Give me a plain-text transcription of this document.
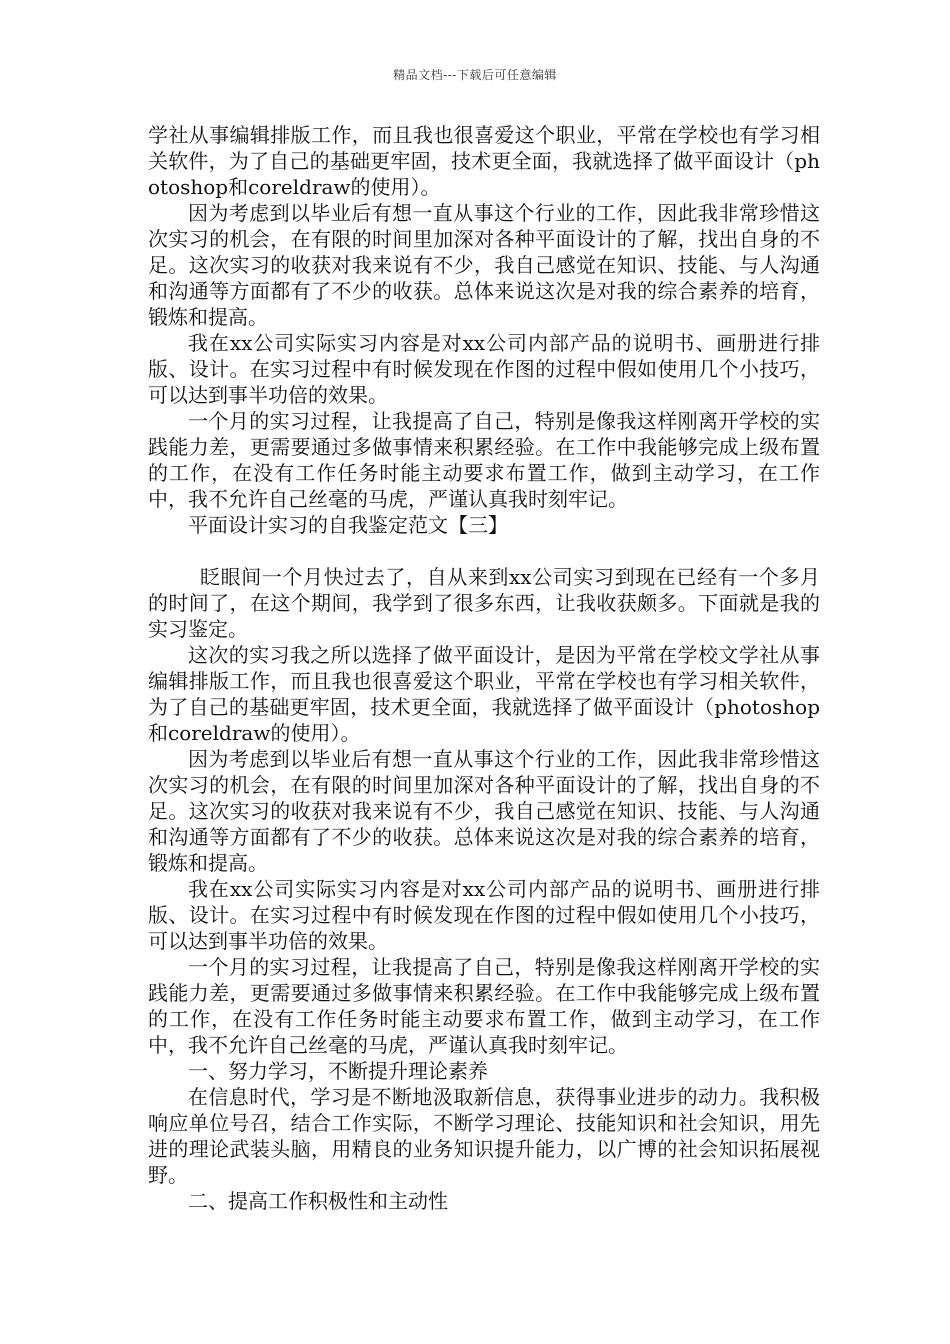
精品文档---下载后可任意编辑

学社从事编辑排版工作，而且我也很喜爱这个职业，平常在学校也有学习相关软件，为了自己的基础更牢固，技术更全面，我就选择了做平面设计（photoshop和coreldraw的使用）。

因为考虑到以毕业后有想一直从事这个行业的工作，因此我非常珍惜这次实习的机会，在有限的时间里加深对各种平面设计的了解，找出自身的不足。这次实习的收获对我来说有不少，我自己感觉在知识、技能、与人沟通和沟通等方面都有了不少的收获。总体来说这次是对我的综合素养的培育，锻炼和提高。

我在xx公司实际实习内容是对xx公司内部产品的说明书、画册进行排版、设计。在实习过程中有时候发现在作图的过程中假如使用几个小技巧，可以达到事半功倍的效果。

一个月的实习过程，让我提高了自己，特别是像我这样刚离开学校的实践能力差，更需要通过多做事情来积累经验。在工作中我能够完成上级布置的工作，在没有工作任务时能主动要求布置工作，做到主动学习，在工作中，我不允许自己丝毫的马虎，严谨认真我时刻牢记。

平面设计实习的自我鉴定范文【三】

眨眼间一个月快过去了，自从来到xx公司实习到现在已经有一个多月的时间了，在这个期间，我学到了很多东西，让我收获颇多。下面就是我的实习鉴定。

这次的实习我之所以选择了做平面设计，是因为平常在学校文学社从事编辑排版工作，而且我也很喜爱这个职业，平常在学校也有学习相关软件，为了自己的基础更牢固，技术更全面，我就选择了做平面设计（photoshop和coreldraw的使用）。

因为考虑到以毕业后有想一直从事这个行业的工作，因此我非常珍惜这次实习的机会，在有限的时间里加深对各种平面设计的了解，找出自身的不足。这次实习的收获对我来说有不少，我自己感觉在知识、技能、与人沟通和沟通等方面都有了不少的收获。总体来说这次是对我的综合素养的培育，锻炼和提高。

我在xx公司实际实习内容是对xx公司内部产品的说明书、画册进行排版、设计。在实习过程中有时候发现在作图的过程中假如使用几个小技巧，可以达到事半功倍的效果。

一个月的实习过程，让我提高了自己，特别是像我这样刚离开学校的实践能力差，更需要通过多做事情来积累经验。在工作中我能够完成上级布置的工作，在没有工作任务时能主动要求布置工作，做到主动学习，在工作中，我不允许自己丝毫的马虎，严谨认真我时刻牢记。

一、努力学习，不断提升理论素养

在信息时代，学习是不断地汲取新信息，获得事业进步的动力。我积极响应单位号召，结合工作实际，不断学习理论、技能知识和社会知识，用先进的理论武装头脑，用精良的业务知识提升能力，以广博的社会知识拓展视野。

二、提高工作积极性和主动性
